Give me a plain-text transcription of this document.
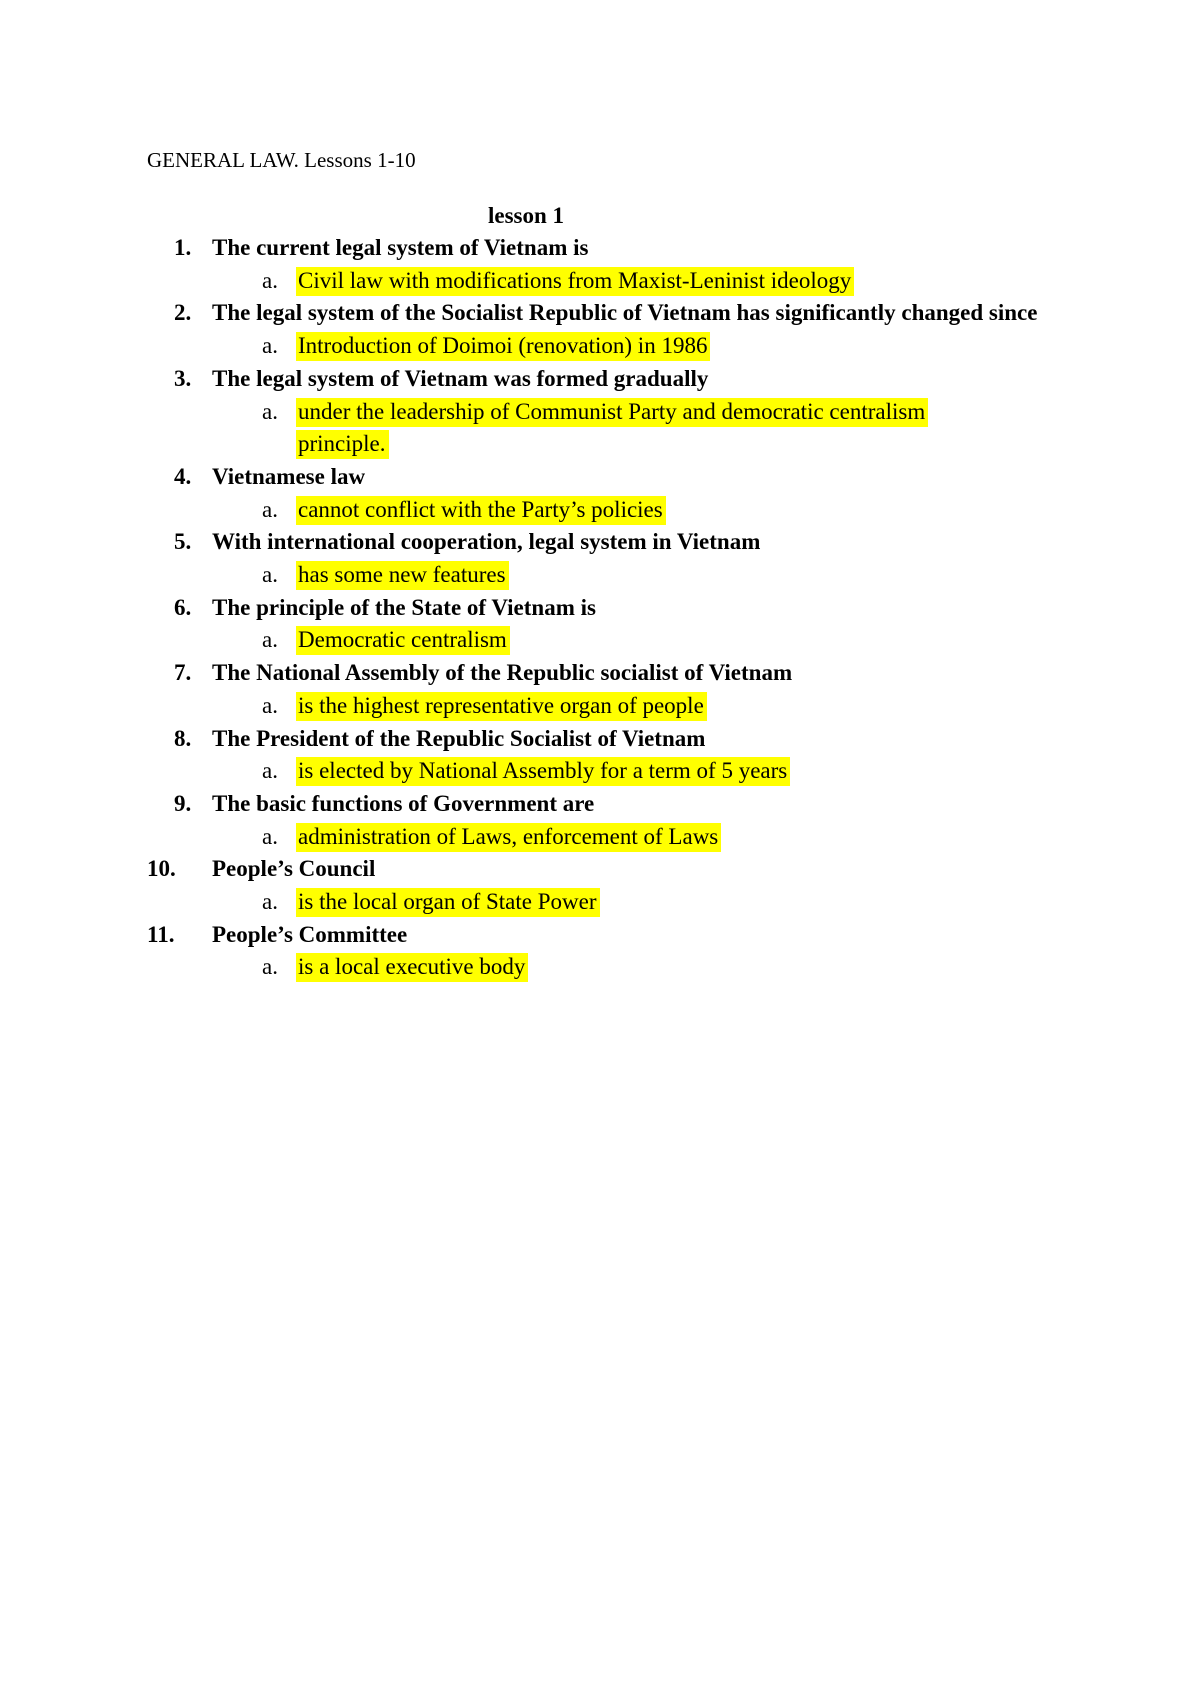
GENERAL LAW. Lessons 1-10
lesson 1
1. The current legal system of Vietnam is
a. Civil law with modifications from Maxist-Leninist ideology
2. The legal system of the Socialist Republic of Vietnam has significantly changed since
a. Introduction of Doimoi (renovation) in 1986
3. The legal system of Vietnam was formed gradually
a. under the leadership of Communist Party and democratic centralism principle.
4. Vietnamese law
a. cannot conflict with the Party’s policies
5. With international cooperation, legal system in Vietnam
a. has some new features
6. The principle of the State of Vietnam is
a. Democratic centralism
7. The National Assembly of the Republic socialist of Vietnam
a. is the highest representative organ of people
8. The President of the Republic Socialist of Vietnam
a. is elected by National Assembly for a term of 5 years
9. The basic functions of Government are
a. administration of Laws, enforcement of Laws
10.	People’s Council
a. is the local organ of State Power
11.	People’s Committee
a. is a local executive body
